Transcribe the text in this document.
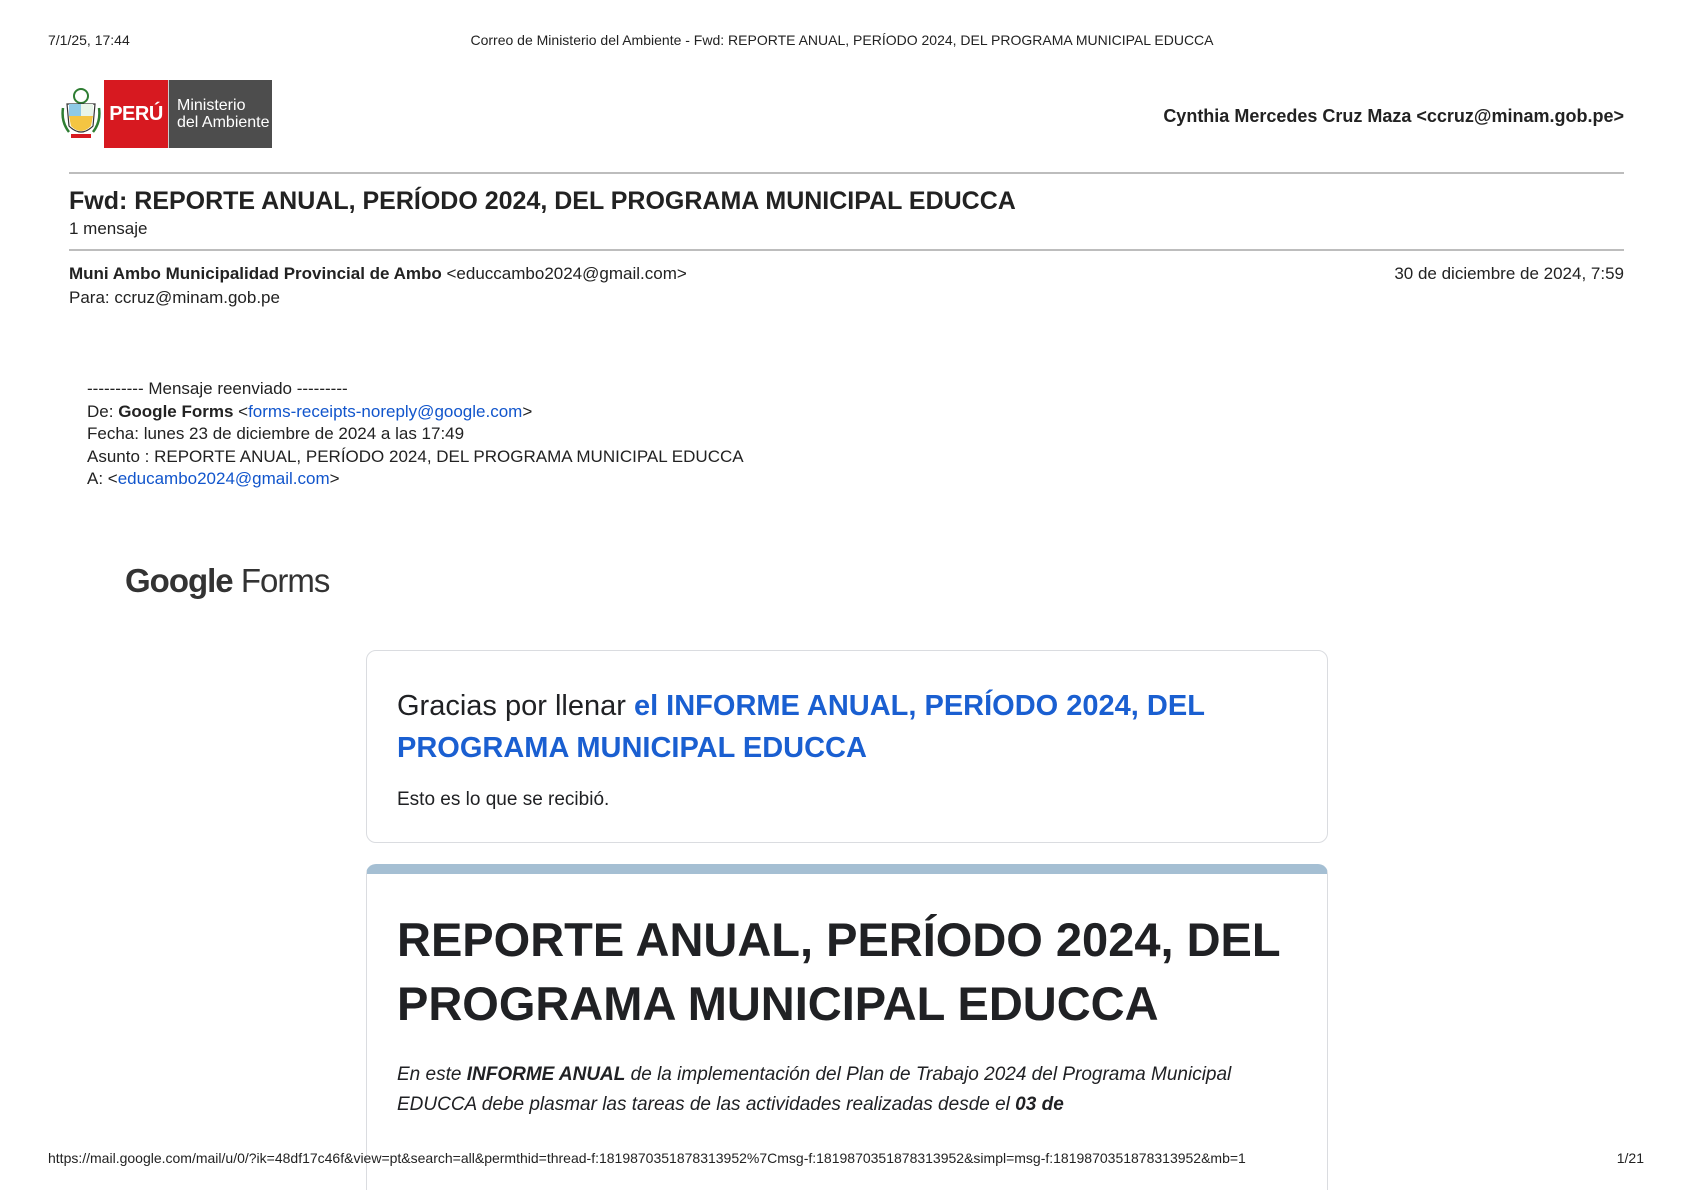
7/1/25, 17:44	Correo de Ministerio del Ambiente - Fwd: REPORTE ANUAL, PERÍODO 2024, DEL PROGRAMA MUNICIPAL EDUCCA
PERÚ Ministerio
del Ambiente	Cynthia Mercedes Cruz Maza <ccruz@minam.gob.pe>
Fwd: REPORTE ANUAL, PERÍODO 2024, DEL PROGRAMA MUNICIPAL EDUCCA
1 mensaje
Muni Ambo Municipalidad Provincial de Ambo <educcambo2024@gmail.com>	30 de diciembre de 2024, 7:59
Para: ccruz@minam.gob.pe
---------- Mensaje reenviado ---------
De: Google Forms <forms-receipts-noreply@google.com>
Fecha: lunes 23 de diciembre de 2024 a las 17:49
Asunto : REPORTE ANUAL, PERÍODO 2024, DEL PROGRAMA MUNICIPAL EDUCCA
A: <educambo2024@gmail.com>
Google Forms
Gracias por llenar el INFORME ANUAL, PERÍODO 2024, DEL PROGRAMA MUNICIPAL EDUCCA
Esto es lo que se recibió.
REPORTE ANUAL, PERÍODO 2024, DEL PROGRAMA MUNICIPAL EDUCCA
En este INFORME ANUAL de la implementación del Plan de Trabajo 2024 del Programa Municipal EDUCCA debe plasmar las tareas de las actividades realizadas desde el 03 de
https://mail.google.com/mail/u/0/?ik=48df17c46f&view=pt&search=all&permthid=thread-f:1819870351878313952%7Cmsg-f:1819870351878313952&simpl=msg-f:1819870351878313952&mb=1	1/21
